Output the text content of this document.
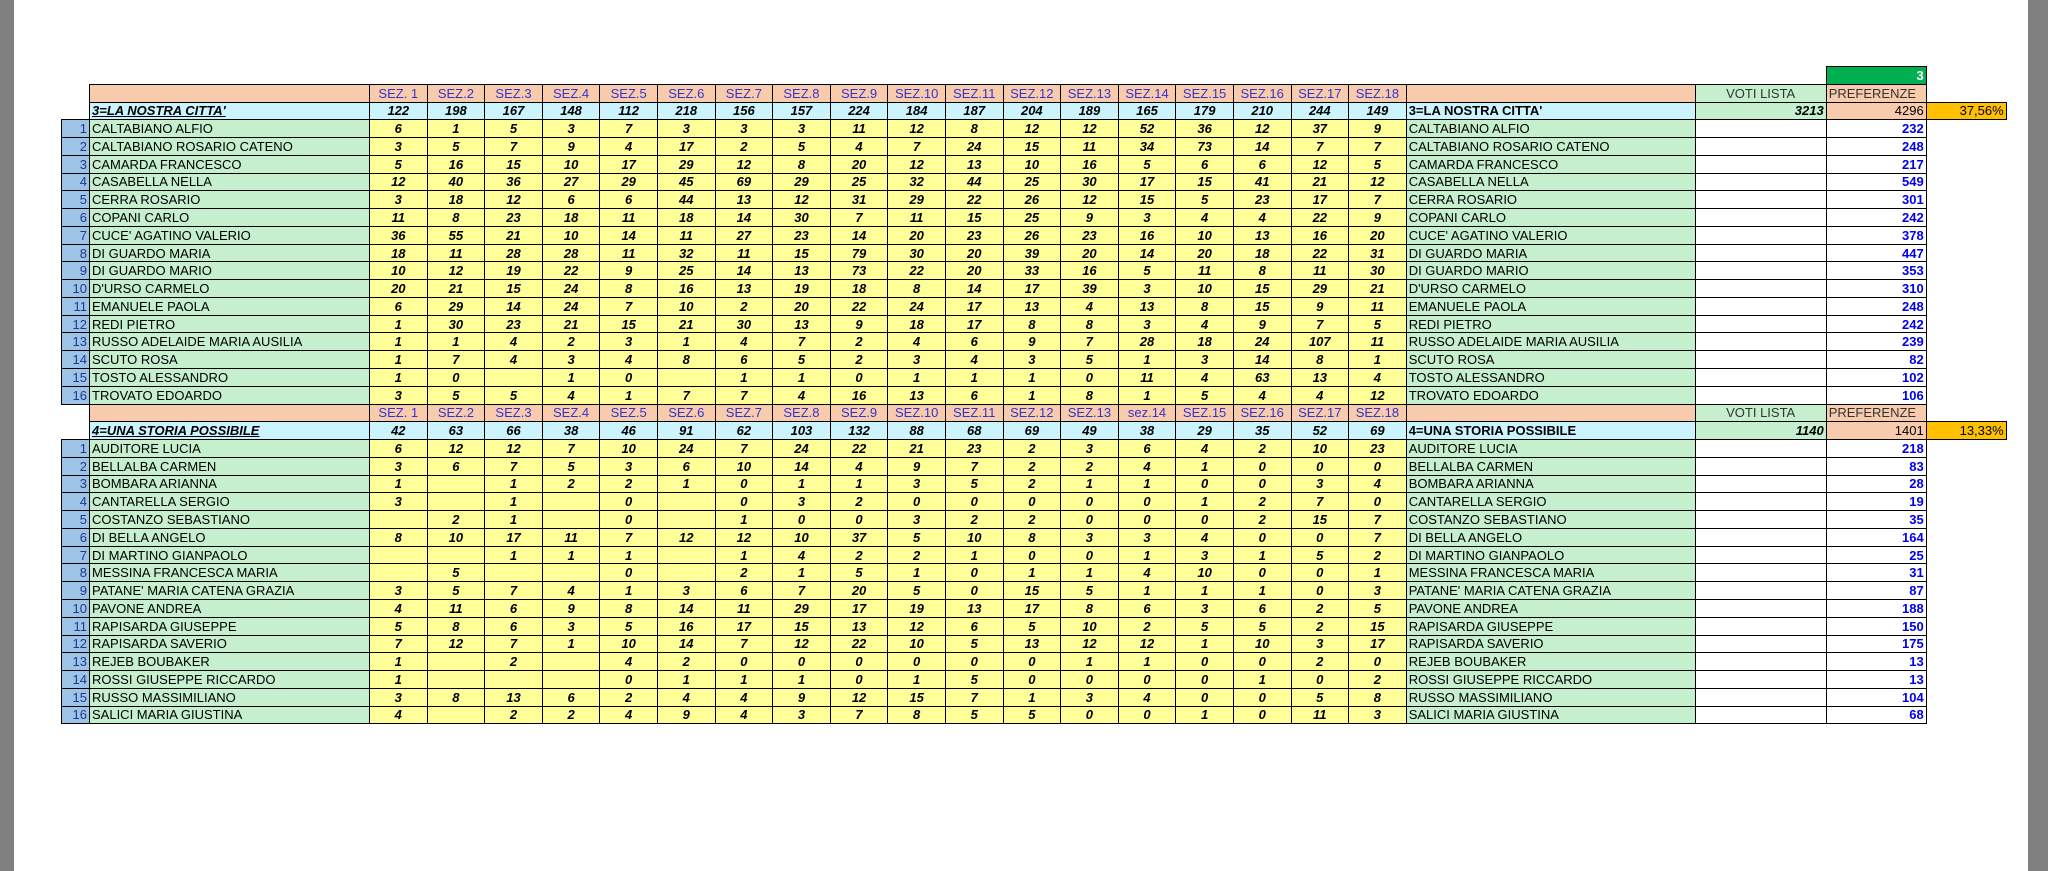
																						3	
		SEZ. 1	SEZ.2	SEZ.3	SEZ.4	SEZ.5	SEZ.6	SEZ.7	SEZ.8	SEZ.9	SEZ.10	SEZ.11	SEZ.12	SEZ.13	SEZ.14	SEZ.15	SEZ.16	SEZ.17	SEZ.18		VOTI LISTA	PREFERENZE	
	3=LA NOSTRA CITTA'	122	198	167	148	112	218	156	157	224	184	187	204	189	165	179	210	244	149	3=LA NOSTRA CITTA'	3213	4296	37,56%
1	CALTABIANO ALFIO	6	1	5	3	7	3	3	3	11	12	8	12	12	52	36	12	37	9	CALTABIANO ALFIO		232	
2	CALTABIANO ROSARIO CATENO	3	5	7	9	4	17	2	5	4	7	24	15	11	34	73	14	7	7	CALTABIANO ROSARIO CATENO		248	
3	CAMARDA FRANCESCO	5	16	15	10	17	29	12	8	20	12	13	10	16	5	6	6	12	5	CAMARDA FRANCESCO		217	
4	CASABELLA NELLA	12	40	36	27	29	45	69	29	25	32	44	25	30	17	15	41	21	12	CASABELLA NELLA		549	
5	CERRA ROSARIO	3	18	12	6	6	44	13	12	31	29	22	26	12	15	5	23	17	7	CERRA ROSARIO		301	
6	COPANI CARLO	11	8	23	18	11	18	14	30	7	11	15	25	9	3	4	4	22	9	COPANI CARLO		242	
7	CUCE' AGATINO VALERIO	36	55	21	10	14	11	27	23	14	20	23	26	23	16	10	13	16	20	CUCE' AGATINO VALERIO		378	
8	DI GUARDO MARIA	18	11	28	28	11	32	11	15	79	30	20	39	20	14	20	18	22	31	DI GUARDO MARIA		447	
9	DI GUARDO MARIO	10	12	19	22	9	25	14	13	73	22	20	33	16	5	11	8	11	30	DI GUARDO MARIO		353	
10	D'URSO CARMELO	20	21	15	24	8	16	13	19	18	8	14	17	39	3	10	15	29	21	D'URSO CARMELO		310	
11	EMANUELE PAOLA	6	29	14	24	7	10	2	20	22	24	17	13	4	13	8	15	9	11	EMANUELE PAOLA		248	
12	REDI PIETRO	1	30	23	21	15	21	30	13	9	18	17	8	8	3	4	9	7	5	REDI PIETRO		242	
13	RUSSO ADELAIDE MARIA AUSILIA	1	1	4	2	3	1	4	7	2	4	6	9	7	28	18	24	107	11	RUSSO ADELAIDE MARIA AUSILIA		239	
14	SCUTO ROSA	1	7	4	3	4	8	6	5	2	3	4	3	5	1	3	14	8	1	SCUTO ROSA		82	
15	TOSTO ALESSANDRO	1	0		1	0		1	1	0	1	1	1	0	11	4	63	13	4	TOSTO ALESSANDRO		102	
16	TROVATO EDOARDO	3	5	5	4	1	7	7	4	16	13	6	1	8	1	5	4	4	12	TROVATO EDOARDO		106	
		SEZ. 1	SEZ.2	SEZ.3	SEZ.4	SEZ.5	SEZ.6	SEZ.7	SEZ.8	SEZ.9	SEZ.10	SEZ.11	SEZ.12	SEZ.13	sez.14	SEZ.15	SEZ.16	SEZ.17	SEZ.18		VOTI LISTA	PREFERENZE	
	4=UNA STORIA POSSIBILE	42	63	66	38	46	91	62	103	132	88	68	69	49	38	29	35	52	69	4=UNA STORIA POSSIBILE	1140	1401	13,33%
1	AUDITORE LUCIA	6	12	12	7	10	24	7	24	22	21	23	2	3	6	4	2	10	23	AUDITORE LUCIA		218	
2	BELLALBA CARMEN	3	6	7	5	3	6	10	14	4	9	7	2	2	4	1	0	0	0	BELLALBA CARMEN		83	
3	BOMBARA ARIANNA	1		1	2	2	1	0	1	1	3	5	2	1	1	0	0	3	4	BOMBARA ARIANNA		28	
4	CANTARELLA SERGIO	3		1		0		0	3	2	0	0	0	0	0	1	2	7	0	CANTARELLA SERGIO		19	
5	COSTANZO SEBASTIANO		2	1		0		1	0	0	3	2	2	0	0	0	2	15	7	COSTANZO SEBASTIANO		35	
6	DI BELLA ANGELO	8	10	17	11	7	12	12	10	37	5	10	8	3	3	4	0	0	7	DI BELLA ANGELO		164	
7	DI MARTINO GIANPAOLO			1	1	1		1	4	2	2	1	0	0	1	3	1	5	2	DI MARTINO GIANPAOLO		25	
8	MESSINA FRANCESCA MARIA		5			0		2	1	5	1	0	1	1	4	10	0	0	1	MESSINA FRANCESCA MARIA		31	
9	PATANE' MARIA CATENA GRAZIA	3	5	7	4	1	3	6	7	20	5	0	15	5	1	1	1	0	3	PATANE' MARIA CATENA GRAZIA		87	
10	PAVONE ANDREA	4	11	6	9	8	14	11	29	17	19	13	17	8	6	3	6	2	5	PAVONE ANDREA		188	
11	RAPISARDA GIUSEPPE	5	8	6	3	5	16	17	15	13	12	6	5	10	2	5	5	2	15	RAPISARDA GIUSEPPE		150	
12	RAPISARDA SAVERIO	7	12	7	1	10	14	7	12	22	10	5	13	12	12	1	10	3	17	RAPISARDA SAVERIO		175	
13	REJEB BOUBAKER	1		2		4	2	0	0	0	0	0	0	1	1	0	0	2	0	REJEB BOUBAKER		13	
14	ROSSI GIUSEPPE RICCARDO	1				0	1	1	1	0	1	5	0	0	0	0	1	0	2	ROSSI GIUSEPPE RICCARDO		13	
15	RUSSO MASSIMILIANO	3	8	13	6	2	4	4	9	12	15	7	1	3	4	0	0	5	8	RUSSO MASSIMILIANO		104	
16	SALICI MARIA GIUSTINA	4		2	2	4	9	4	3	7	8	5	5	0	0	1	0	11	3	SALICI MARIA GIUSTINA		68	
